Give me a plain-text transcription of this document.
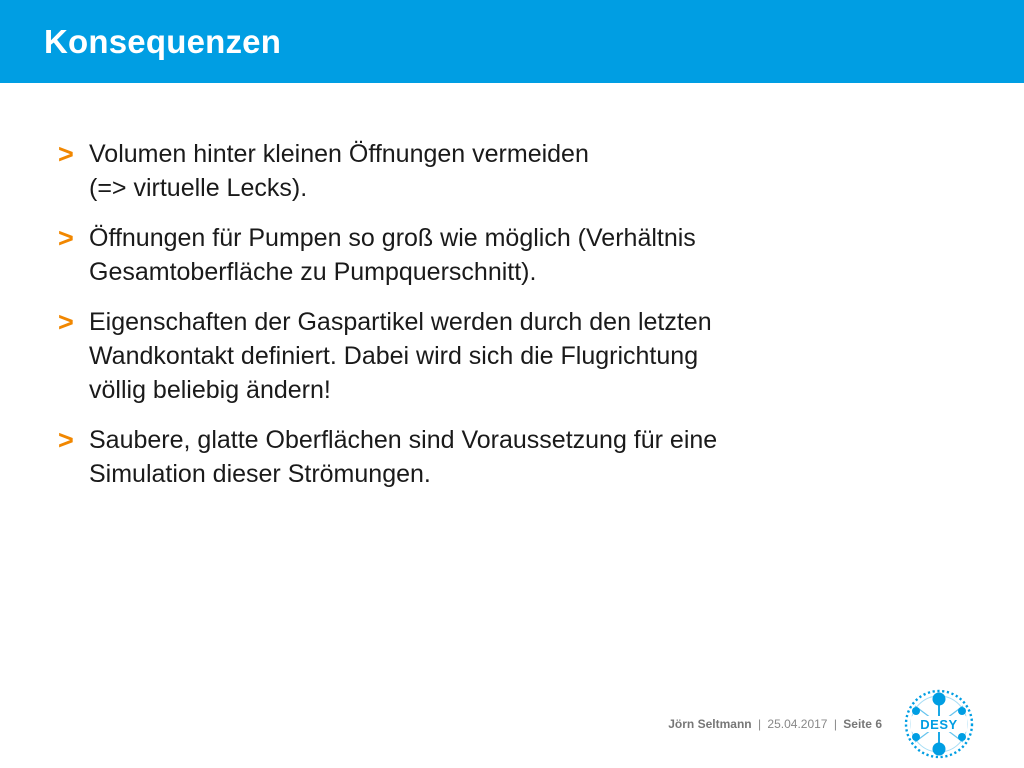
Konsequenzen
> Volumen hinter kleinen Öffnungen vermeiden
(=> virtuelle Lecks).
> Öffnungen für Pumpen so groß wie möglich (Verhältnis
Gesamtoberfläche zu Pumpquerschnitt).
> Eigenschaften der Gaspartikel werden durch den letzten
Wandkontakt definiert. Dabei wird sich die Flugrichtung
völlig beliebig ändern!
> Saubere, glatte Oberflächen sind Voraussetzung für eine
Simulation dieser Strömungen.
Jörn Seltmann | 25.04.2017 | Seite 6	DESY
